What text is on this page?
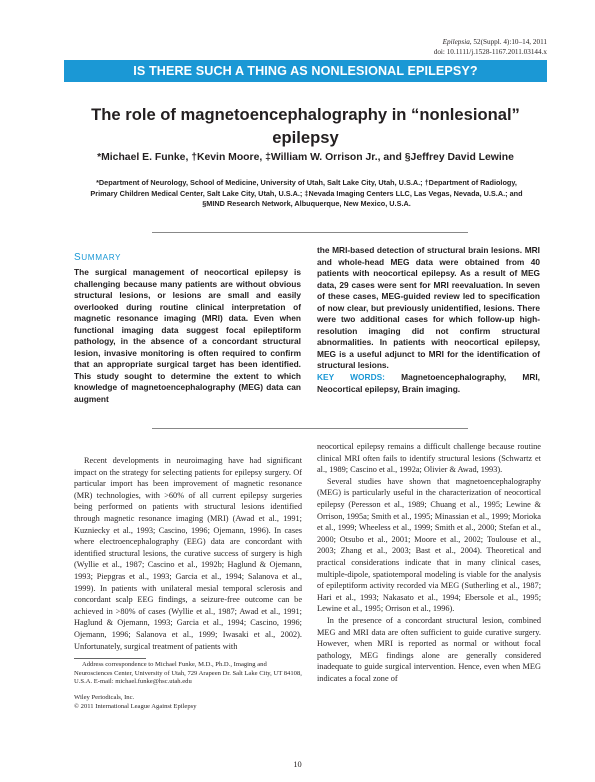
Epilepsia, 52(Suppl. 4):10–14, 2011
doi: 10.1111/j.1528-1167.2011.03144.x
IS THERE SUCH A THING AS NONLESIONAL EPILEPSY?
The role of magnetoencephalography in “nonlesional” epilepsy
*Michael E. Funke, †Kevin Moore, ‡William W. Orrison Jr., and §Jeffrey David Lewine
*Department of Neurology, School of Medicine, University of Utah, Salt Lake City, Utah, U.S.A.; †Department of Radiology, Primary Children Medical Center, Salt Lake City, Utah, U.S.A.; ‡Nevada Imaging Centers LLC, Las Vegas, Nevada, U.S.A.; and §MIND Research Network, Albuquerque, New Mexico, U.S.A.
SUMMARY
The surgical management of neocortical epilepsy is challenging because many patients are without obvious structural lesions, or lesions are small and easily overlooked during routine clinical interpretation of magnetic resonance imaging (MRI) data. Even when functional imaging data suggest focal epileptiform pathology, in the absence of a concordant structural lesion, invasive monitoring is often required to confirm that an appropriate surgical target has been identified. This study sought to determine the extent to which knowledge of magnetoencephalography (MEG) data can augment
the MRI-based detection of structural brain lesions. MRI and whole-head MEG data were obtained from 40 patients with neocortical epilepsy. As a result of MEG data, 29 cases were sent for MRI reevaluation. In seven of these cases, MEG-guided review led to specification of now clear, but previously unidentified, lesions. There were two additional cases for which follow-up high-resolution imaging did not confirm structural abnormalities. In patients with neocortical epilepsy, MEG is a useful adjunct to MRI for the identification of structural lesions.
KEY WORDS: Magnetoencephalography, MRI, Neocortical epilepsy, Brain imaging.

Recent developments in neuroimaging have had significant impact on the strategy for selecting patients for epilepsy surgery. Of particular import has been improvement of magnetic resonance (MR) technologies, with >60% of all current epilepsy surgeries being performed on patients with structural lesions identified through magnetic resonance imaging (MRI) (Awad et al., 1991; Kuzniecky et al., 1993; Cascino, 1996; Ojemann, 1996). In cases where electroencephalography (EEG) data are concordant with identified structural lesions, the curative success of surgery is high (Wyllie et al., 1987; Cascino et al., 1992b; Haglund & Ojemann, 1993; Piepgras et al., 1993; Garcia et al., 1994; Salanova et al., 1999). In patients with unilateral mesial temporal sclerosis and concordant scalp EEG findings, a seizure-free outcome can be achieved in >80% of cases (Wyllie et al., 1987; Awad et al., 1991; Haglund & Ojemann, 1993; Garcia et al., 1994; Cascino, 1996; Ojemann, 1996; Salanova et al., 1999; Iwasaki et al., 2002). Unfortunately, surgical treatment of patients with

neocortical epilepsy remains a difficult challenge because routine clinical MRI often fails to identify structural lesions (Schwartz et al., 1989; Cascino et al., 1992a; Olivier & Awad, 1993).

Several studies have shown that magnetoencephalography (MEG) is particularly useful in the characterization of neocortical epilepsy (Peresson et al., 1989; Chuang et al., 1995; Lewine & Orrison, 1995a; Smith et al., 1995; Minassian et al., 1999; Morioka et al., 1999; Wheeless et al., 1999; Smith et al., 2000; Stefan et al., 2000; Otsubo et al., 2001; Moore et al., 2002; Toulouse et al., 2003; Zhang et al., 2003; Bast et al., 2004). Theoretical and practical considerations indicate that in many clinical cases, multiple-dipole, spatiotemporal modeling is viable for the analysis of epileptiform activity recorded via MEG (Sutherling et al., 1987; Hari et al., 1993; Nakasato et al., 1994; Ebersole et al., 1995; Lewine et al., 1995; Orrison et al., 1996).

In the presence of a concordant structural lesion, combined MEG and MRI data are often sufficient to guide curative surgery. However, when MRI is reported as normal or without focal pathology, MEG findings alone are generally considered inadequate to guide surgical intervention. Hence, even when MEG indicates a focal zone of

Address correspondence to Michael Funke, M.D., Ph.D., Imaging and Neurosciences Center, University of Utah, 729 Arapeen Dr. Salt Lake City, UT 84108, U.S.A. E-mail: michael.funke@hsc.utah.edu
Wiley Periodicals, Inc.
© 2011 International League Against Epilepsy
10
